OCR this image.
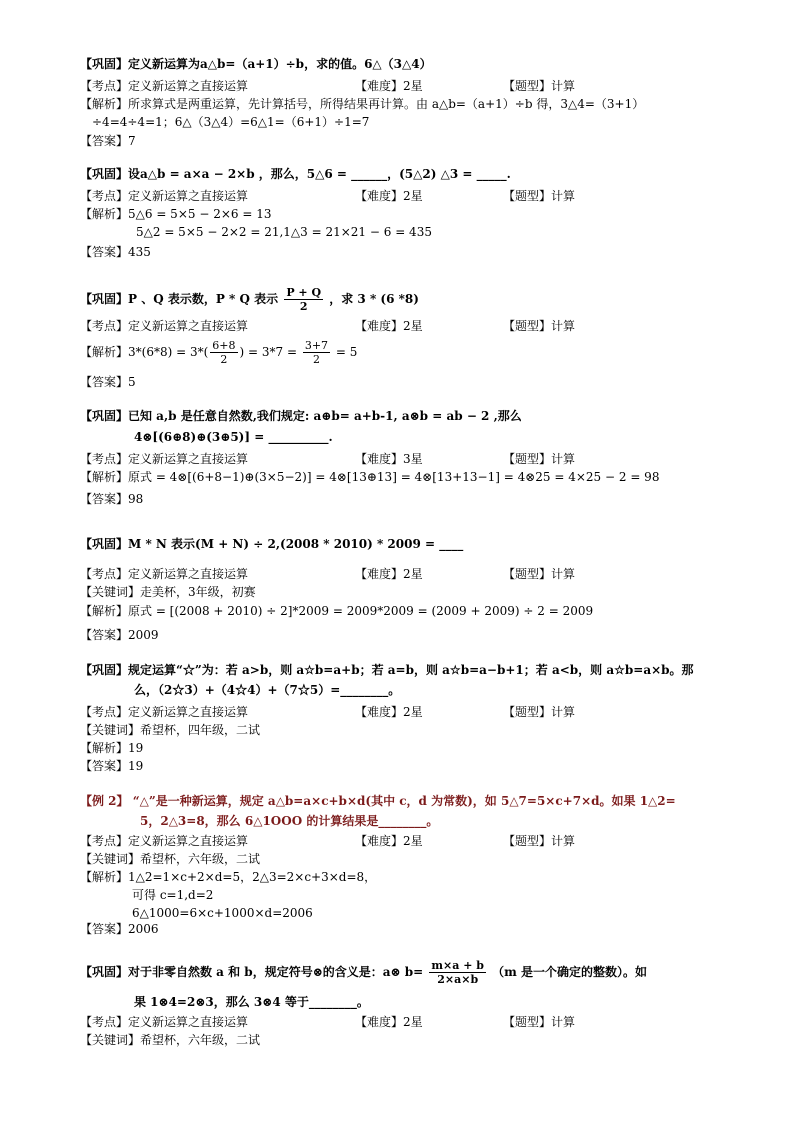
【巩固】定义新运算为a△b=（a+1）÷b，求的值。6△（3△4）
【考点】定义新运算之直接运算	【难度】2星	【题型】计算
【解析】所求算式是两重运算，先计算括号，所得结果再计算。由 a△b=（a+1）÷b 得，3△4=（3+1）
÷4=4÷4=1；6△（3△4）=6△1=（6+1）÷1=7
【答案】7
【巩固】设a△b = a×a − 2×b ，那么，5△6 = ______，(5△2) △3 = _____.
【考点】定义新运算之直接运算	【难度】2星	【题型】计算
【解析】5△6 = 5×5 − 2×6 = 13
5△2 = 5×5 − 2×2 = 21,1△3 = 21×21 − 6 = 435
【答案】435
【巩固】P 、Q 表示数，P * Q 表示 $\frac{P + Q}{2}$ ，求 3 * (6 *8)
【考点】定义新运算之直接运算	【难度】2星	【题型】计算
【解析】$3*(6*8) = 3*( \frac{6+8}{2}$ ) = $3*7 = \frac{3+7}{2} = 5$
【答案】5
【巩固】已知 a,b 是任意自然数,我们规定: a⊕b= a+b-1, a⊗b = ab − 2 ,那么
4⊗[(6⊕8)⊕(3⊕5)] = __________.
【考点】定义新运算之直接运算	【难度】3星	【题型】计算
【解析】原式 = 4⊗[(6+8−1)⊕(3×5−2)] = 4⊗[13⊕13] = 4⊗[13+13−1] = 4⊗25 = 4×25 − 2 = 98
【答案】98
【巩固】M * N 表示(M + N) ÷ 2,(2008 * 2010) * 2009 = ____
【考点】定义新运算之直接运算	【难度】2星	【题型】计算
【关键词】走美杯，3年级，初赛
【解析】原式 = [(2008 + 2010) ÷ 2]*2009 = 2009*2009 = (2009 + 2009) ÷ 2 = 2009
【答案】2009
【巩固】规定运算“☆”为：若 a>b，则 a☆b=a+b；若 a=b，则 a☆b=a−b+1；若 a<b，则 a☆b=a×b。那
么，（2☆3）+（4☆4）+（7☆5）=________。
【考点】定义新运算之直接运算	【难度】2星	【题型】计算
【关键词】希望杯，四年级，二试
【解析】19
【答案】19
【例 2】 “△”是一种新运算，规定 a△b=a×c+b×d(其中 c，d 为常数)，如 5△7=5×c+7×d。如果 1△2=
5，2△3=8，那么 6△1OOO 的计算结果是________。
【考点】定义新运算之直接运算	【难度】2星	【题型】计算
【关键词】希望杯，六年级，二试
【解析】1△2=1×c+2×d=5，2△3=2×c+3×d=8，
可得 c=1,d=2
6△1000=6×c+1000×d=2006
【答案】2006
【巩固】对于非零自然数 a 和 b，规定符号⊗的含义是：a⊗ $b= \frac{m\times a + b}{2\times a\times b} (m$ 是一个确定的整数）。如
果 1⊗4=2⊗3，那么 3⊗4 等于________。
【考点】定义新运算之直接运算	【难度】2星	【题型】计算
【关键词】希望杯，六年级，二试
